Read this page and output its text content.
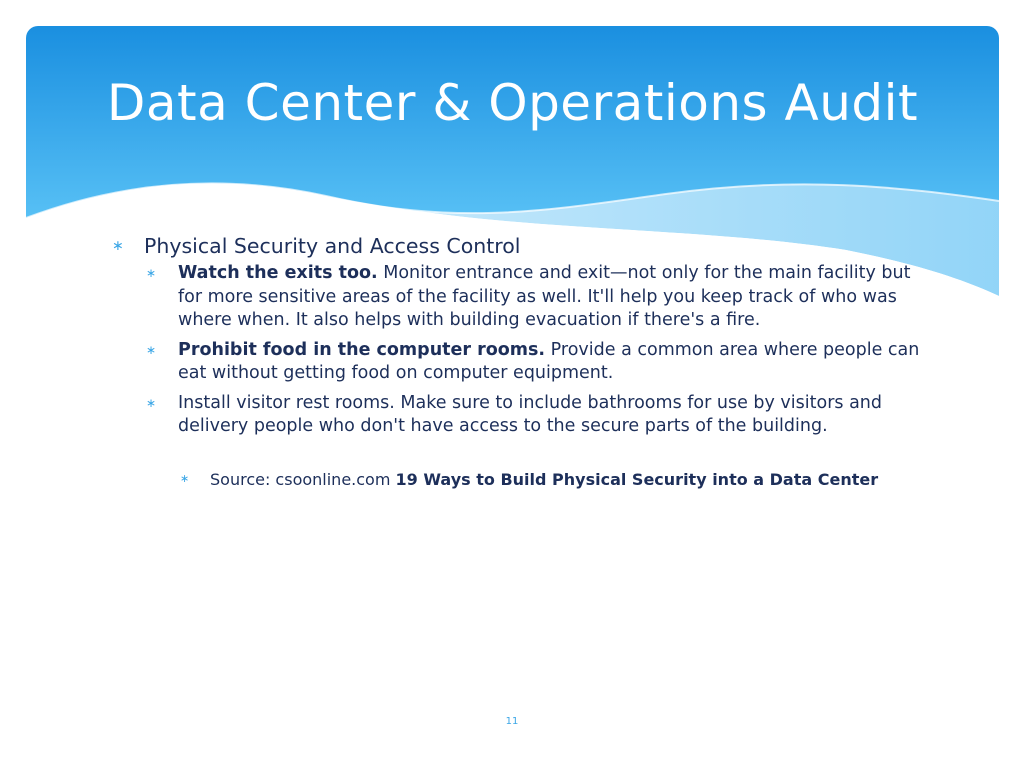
Data Center & Operations Audit
∗ Physical Security and Access Control
∗	Watch the exits too. Monitor entrance and exit—not only for the main facility but for more sensitive areas of the facility as well. It'll help you keep track of who was where when. It also helps with building evacuation if there's a fire.
∗	Prohibit food in the computer rooms. Provide a common area where people can eat without getting food on computer equipment.
∗	Install visitor rest rooms. Make sure to include bathrooms for use by visitors and delivery people who don't have access to the secure parts of the building.
∗	Source: csoonline.com 19 Ways to Build Physical Security into a Data Center
11
